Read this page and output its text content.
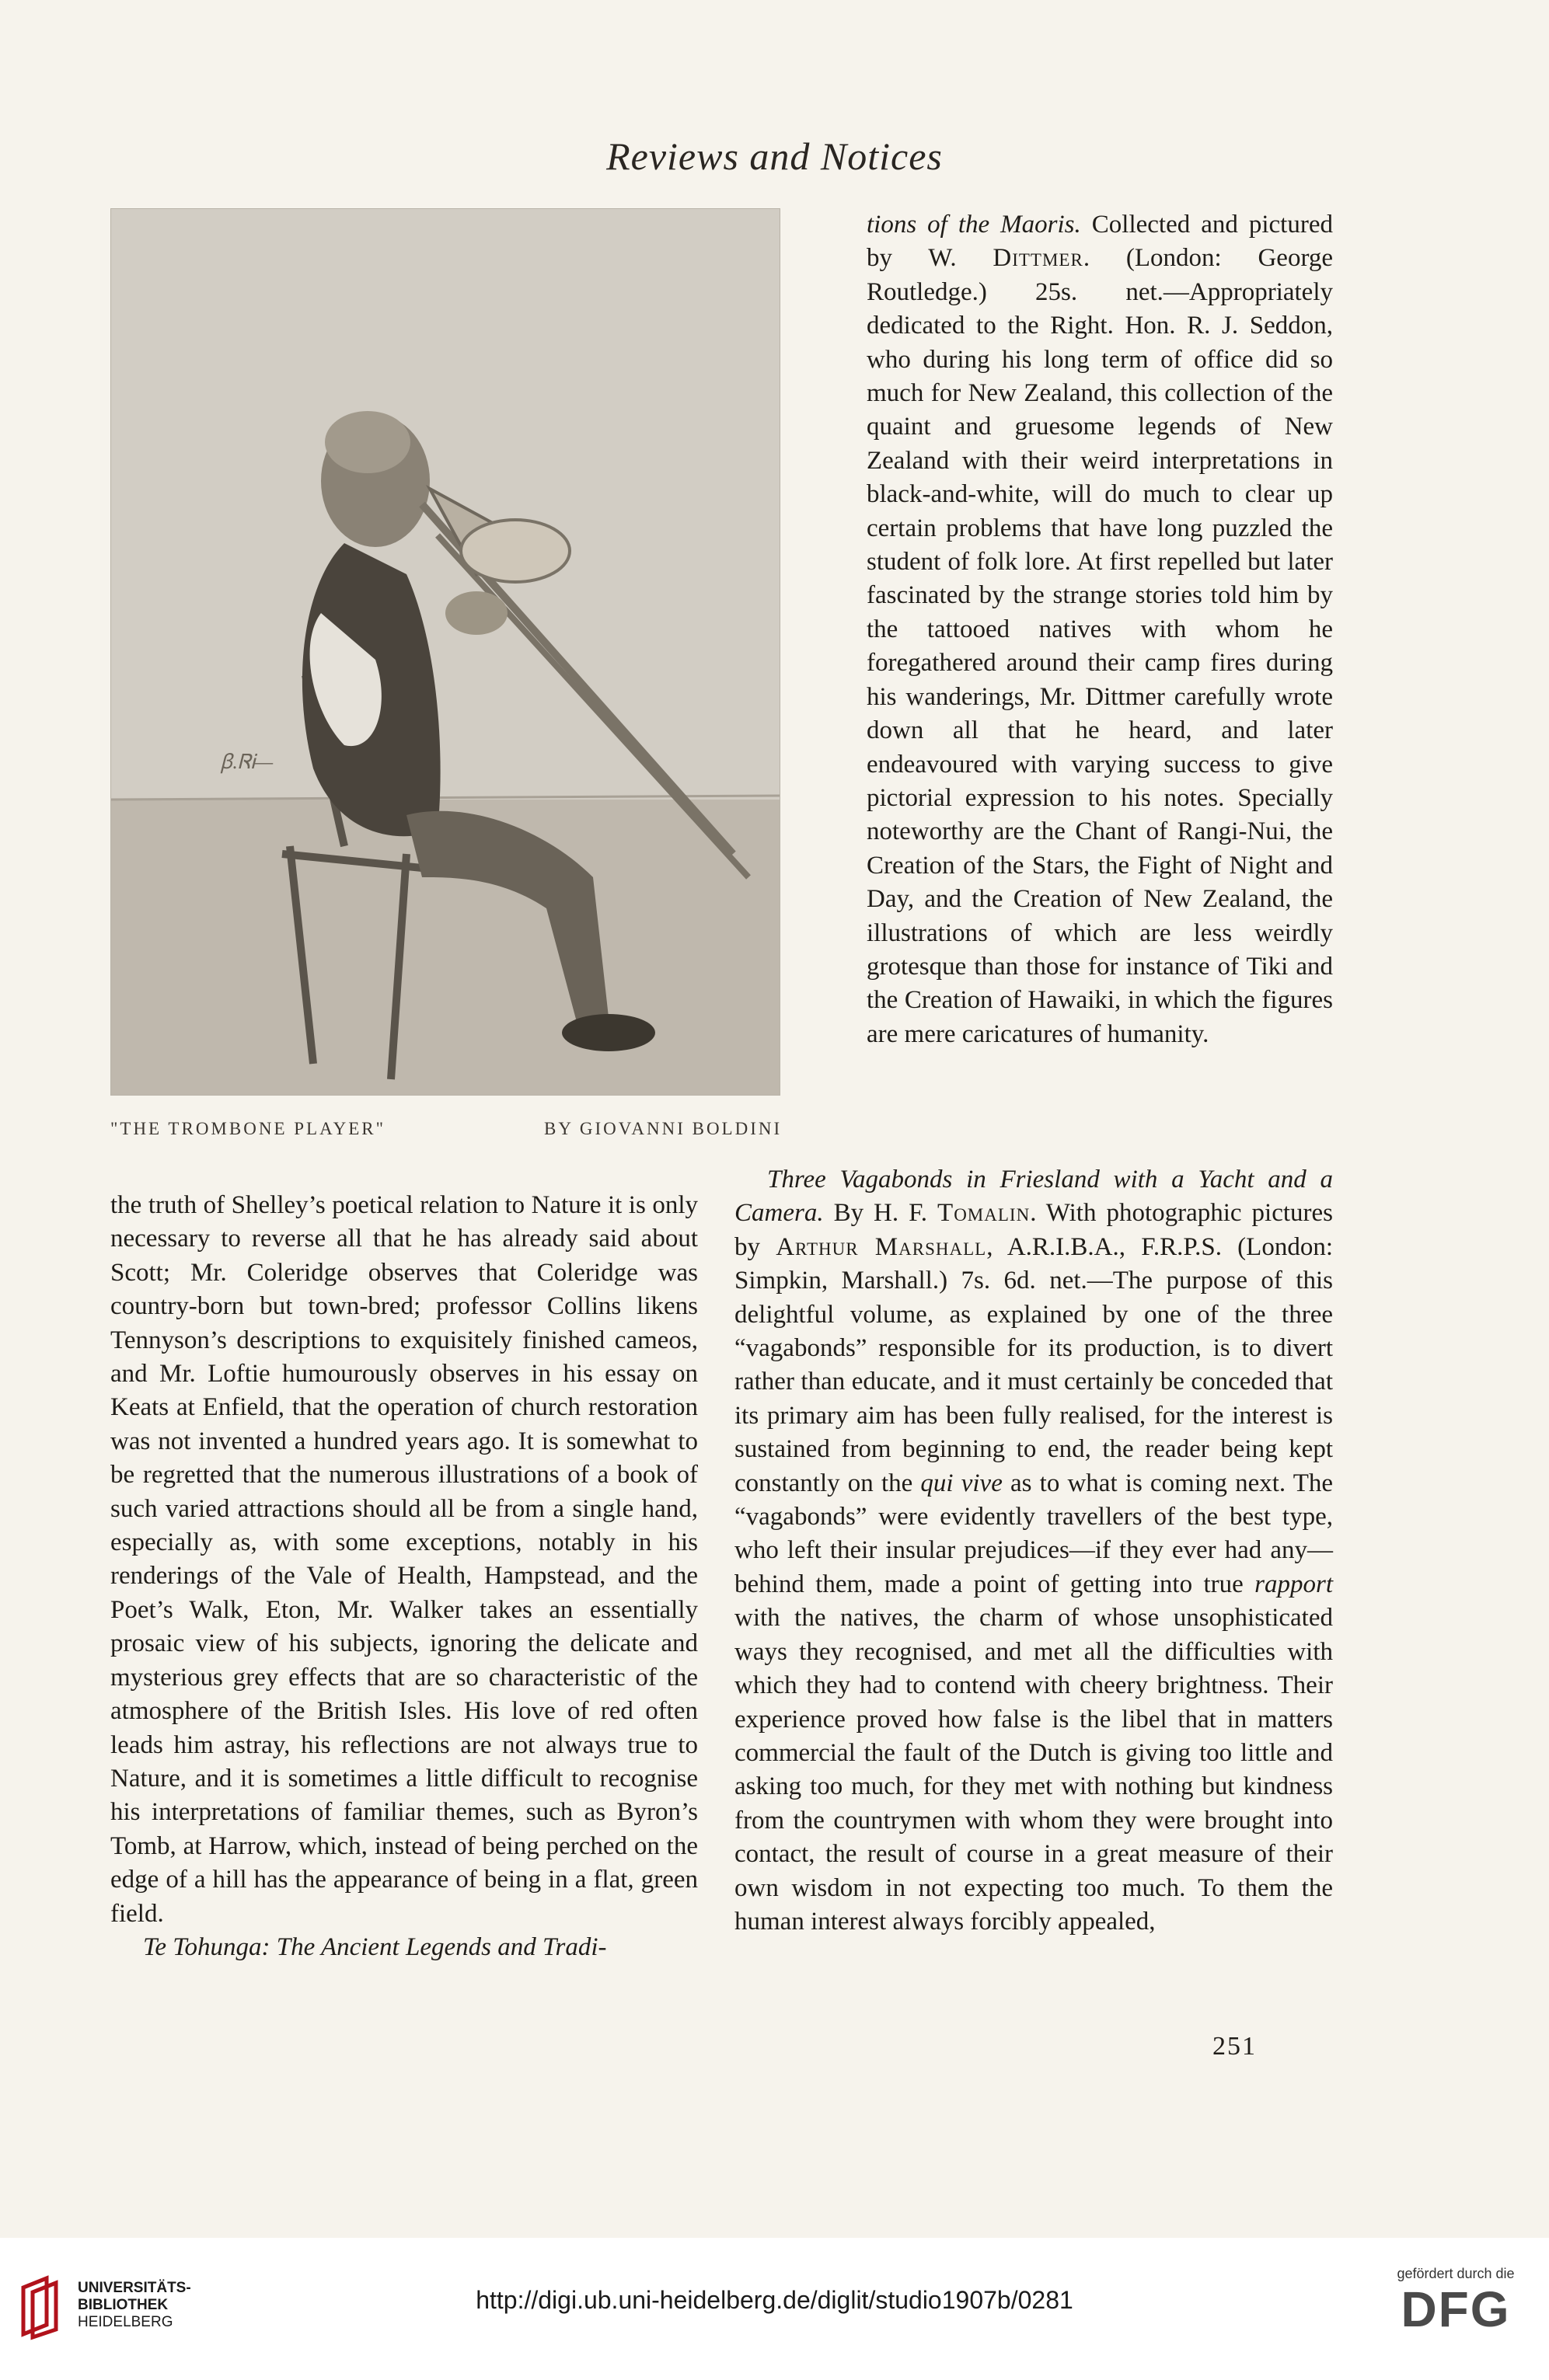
Reviews and Notices
ꞵ.ᏒᎥ—
"THE TROMBONE PLAYER"	BY GIOVANNI BOLDINI

tions of the Maoris. Collected and pictured by W. Dittmer. (London: George Routledge.) 25s. net.—Appropriately dedicated to the Right. Hon. R. J. Seddon, who during his long term of office did so much for New Zealand, this collection of the quaint and gruesome legends of New Zealand with their weird interpretations in black-and-white, will do much to clear up certain problems that have long puzzled the student of folk lore. At first repelled but later fascinated by the strange stories told him by the tattooed natives with whom he foregathered around their camp fires during his wanderings, Mr. Dittmer carefully wrote down all that he heard, and later endeavoured with varying success to give pictorial expression to his notes. Specially noteworthy are the Chant of Rangi-Nui, the Creation of the Stars, the Fight of Night and Day, and the Creation of New Zealand, the illustrations of which are less weirdly grotesque than those for instance of Tiki and the Creation of Hawaiki, in which the figures are mere caricatures of humanity.

the truth of Shelley’s poetical relation to Nature it is only necessary to reverse all that he has already said about Scott; Mr. Coleridge observes that Coleridge was country-born but town-bred; professor Collins likens Tennyson’s descriptions to exquisitely finished cameos, and Mr. Loftie humourously observes in his essay on Keats at Enfield, that the operation of church restoration was not invented a hundred years ago. It is somewhat to be regretted that the numerous illustrations of a book of such varied attractions should all be from a single hand, especially as, with some exceptions, notably in his renderings of the Vale of Health, Hampstead, and the Poet’s Walk, Eton, Mr. Walker takes an essentially prosaic view of his subjects, ignoring the delicate and mysterious grey effects that are so characteristic of the atmosphere of the British Isles. His love of red often leads him astray, his reflections are not always true to Nature, and it is sometimes a little difficult to recognise his interpretations of familiar themes, such as Byron’s Tomb, at Harrow, which, instead of being perched on the edge of a hill has the appearance of being in a flat, green field.

Te Tohunga: The Ancient Legends and Tradi-

Three Vagabonds in Friesland with a Yacht and a Camera. By H. F. Tomalin. With photographic pictures by Arthur Marshall, A.R.I.B.A., F.R.P.S. (London: Simpkin, Marshall.) 7s. 6d. net.—The purpose of this delightful volume, as explained by one of the three “vagabonds” responsible for its production, is to divert rather than educate, and it must certainly be conceded that its primary aim has been fully realised, for the interest is sustained from beginning to end, the reader being kept constantly on the qui vive as to what is coming next. The “vagabonds” were evidently travellers of the best type, who left their insular prejudices—if they ever had any—behind them, made a point of getting into true rapport with the natives, the charm of whose unsophisticated ways they recognised, and met all the difficulties with which they had to contend with cheery brightness. Their experience proved how false is the libel that in matters commercial the fault of the Dutch is giving too little and asking too much, for they met with nothing but kindness from the countrymen with whom they were brought into contact, the result of course in a great measure of their own wisdom in not expecting too much. To them the human interest always forcibly appealed,

251
UNIVERSITÄTS-
BIBLIOTHEK
HEIDELBERG
http://digi.ub.uni-heidelberg.de/diglit/studio1907b/0281
gefördert durch die
DFG
